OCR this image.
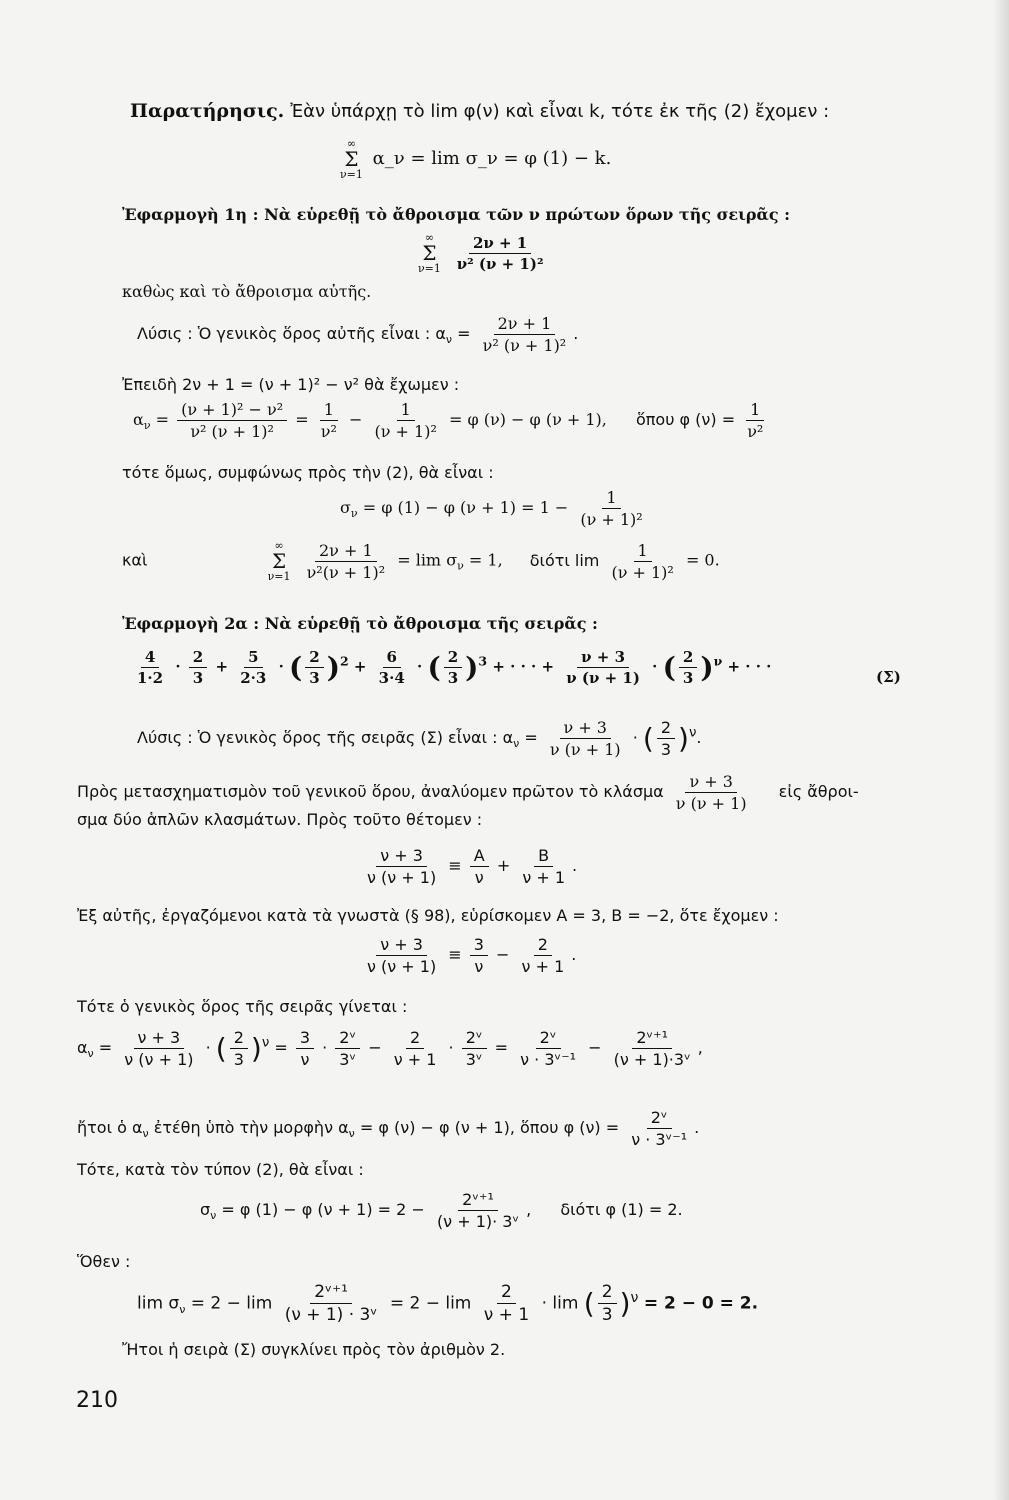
Παρατήρησις. Ἐὰν ὑπάρχῃ τὸ lim φ(ν) καὶ εἶναι k, τότε ἐκ τῆς (2) ἔχομεν :
∞
Σ
ν=1
α_ν = lim σ_ν = φ (1) − k.
Ἐφαρμογὴ 1η : Νὰ εὑρεθῇ τὸ ἄθροισμα τῶν ν πρώτων ὅρων τῆς σειρᾶς :
∞
Σ
ν=1
$\frac{2\nu + 1}{\text{ν² (ν + 1)²}}$
καθὼς καὶ τὸ ἄθροισμα αὐτῆς.
Λύσις : Ὁ γενικὸς ὅρος αὐτῆς εἶναι : $\alpha_\nu = \frac{2\nu + 1}{\text{ν² (ν + 1)²}}$ .
Ἐπειδὴ 2ν + 1 = (ν + 1)² − ν² θὰ ἔχωμεν :
$\alpha_\nu = \frac{\text{(ν + 1)² − ν²}}{\text{ν² (ν + 1)²}} = \frac{1}{\text{ν²}} - \frac{1}{\text{(ν + 1)²}} = \varphi$ (ν) − φ (ν + 1), ὅπου φ $(\nu) = \frac{1}{\text{ν²}}$
τότε ὅμως, συμφώνως πρὸς τὴν (2), θὰ εἶναι :
$\sigma_\nu = \varphi$ (1) − φ $(\nu + 1) = 1 - \frac{1}{\text{(ν + 1)²}}$
καὶ
∞
Σ
ν=1
$\frac{2\nu + 1}{\text{ν²(ν + 1)²}} = \lim \sigma_\nu = 1$, διότι $\lim \frac{1}{\text{(ν + 1)²}} = 0$.
Ἐφαρμογὴ 2α : Νὰ εὑρεθῇ τὸ ἄθροισμα τῆς σειρᾶς :
$\frac{4}{1\cdot 2} \cdot \frac{2}{3} + \frac{5}{2\cdot 3}$ · ( $\frac{2}{3} )^2 + \frac{6}{3\cdot 4}$ · ( $\frac{2}{3} )^3$ + · · · + $\frac{\nu + 3}{\nu (\nu + 1)}$ · ( $\frac{2}{3} )^\nu$ + · · ·
(Σ)
Λύσις : Ὁ γενικὸς ὅρος τῆς σειρᾶς (Σ) εἶναι : $\alpha_\nu = \frac{\nu + 3}{\nu (\nu + 1)}$ · ( $\frac{2}{3} )^\nu$.
Πρὸς μετασχηματισμὸν τοῦ γενικοῦ ὅρου, ἀναλύομεν πρῶτον τὸ κλάσμα $\frac{\nu + 3}{\nu (\nu + 1)}$ εἰς ἄθροι-
σμα δύο ἁπλῶν κλασμάτων. Πρὸς τοῦτο θέτομεν :
$\frac{\nu + 3}{\nu (\nu + 1)} \equiv \frac{A}{\nu} + \frac{B}{\nu + 1}$ .
Ἐξ αὐτῆς, ἐργαζόμενοι κατὰ τὰ γνωστὰ (§ 98), εὑρίσκομεν A = 3, B = −2, ὅτε ἔχομεν :
$\frac{\nu + 3}{\nu (\nu + 1)} \equiv \frac{3}{\nu} - \frac{2}{\nu + 1}$ .
Τότε ὁ γενικὸς ὅρος τῆς σειρᾶς γίνεται :
$\alpha_\nu = \frac{\nu + 3}{\nu (\nu + 1)}$ · ( $\frac{2}{3} )^\nu = \frac{3}{\nu} \cdot \frac{\text{2ᵛ}}{\text{3ᵛ}} - \frac{2}{\nu + 1} \cdot \frac{\text{2ᵛ}}{\text{3ᵛ}} = \frac{\text{2ᵛ}}{\text{ν · 3ᵛ⁻¹}} - \frac{\text{2ᵛ⁺¹}}{\text{(ν + 1)·3ᵛ}}$ ,
ἤτοι ὁ $\alpha_\nu$ ἐτέθη ὑπὸ τὴν μορφὴν $\alpha_\nu = \varphi$ (ν) − φ (ν + 1), ὅπου φ $(\nu) = \frac{\text{2ᵛ}}{\text{ν · 3ᵛ⁻¹}}$ .
Τότε, κατὰ τὸν τύπον (2), θὰ εἶναι :
$\sigma_\nu = \varphi$ (1) − φ $(\nu + 1) = 2 - \frac{\text{2ᵛ⁺¹}}{\text{(ν + 1)· 3ᵛ}}$ , διότι φ (1) = 2.
Ὅθεν :
$\lim \sigma_\nu = 2 - \lim \frac{\text{2ᵛ⁺¹}}{\text{(ν + 1) · 3ᵛ}} = 2 - \lim \frac{2}{\nu + 1} \cdot \lim$ ( $\frac{2}{3} )^\nu = 2 - 0 = 2$.
Ἤτοι ἡ σειρὰ (Σ) συγκλίνει πρὸς τὸν ἀριθμὸν 2.
210
